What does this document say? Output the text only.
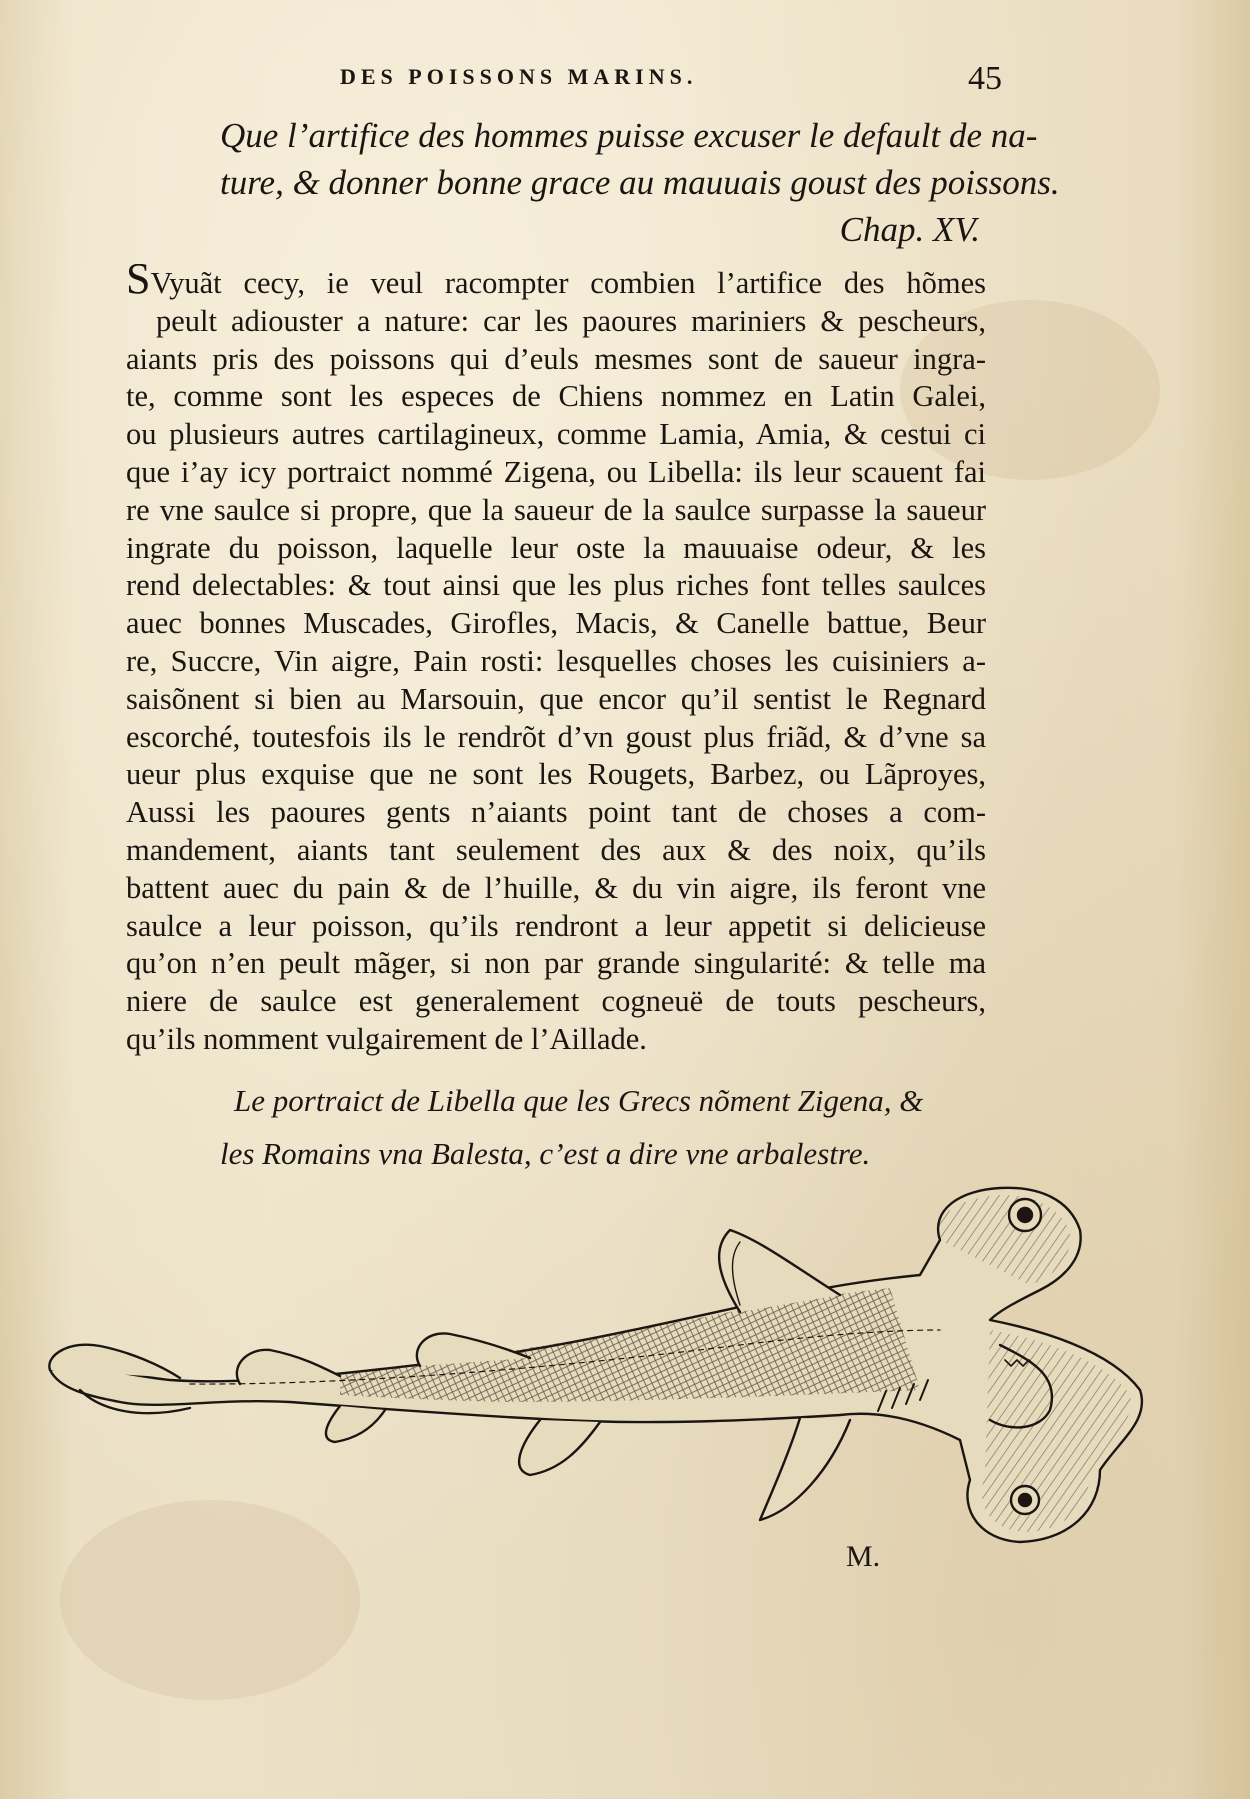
DES POISSONS MARINS.	45
Que l’artifice des hommes puisse excuser le default de na-
ture, & donner bonne grace au mauuais goust des poissons.
Chap. XV.
SVyuãt cecy, ie veul racompter combien l’artifice des hõmes
peult adiouster a nature: car les paoures mariniers & pescheurs,
aiants pris des poissons qui d’euls mesmes sont de saueur ingra-
te, comme sont les especes de Chiens nommez en Latin Galei,
ou plusieurs autres cartilagineux, comme Lamia, Amia, & cestui ci
que i’ay icy portraict nommé Zigena, ou Libella: ils leur scauent fai
re vne saulce si propre, que la saueur de la saulce surpasse la saueur
ingrate du poisson, laquelle leur oste la mauuaise odeur, & les
rend delectables: & tout ainsi que les plus riches font telles saulces
auec bonnes Muscades, Girofles, Macis, & Canelle battue, Beur
re, Succre, Vin aigre, Pain rosti: lesquelles choses les cuisiniers a-
saisõnent si bien au Marsouin, que encor qu’il sentist le Regnard
escorché, toutesfois ils le rendrõt d’vn goust plus friãd, & d’vne sa
ueur plus exquise que ne sont les Rougets, Barbez, ou Lãproyes,
Aussi les paoures gents n’aiants point tant de choses a com-
mandement, aiants tant seulement des aux & des noix, qu’ils
battent auec du pain & de l’huille, & du vin aigre, ils feront vne
saulce a leur poisson, qu’ils rendront a leur appetit si delicieuse
qu’on n’en peult mãger, si non par grande singularité: & telle ma
niere de saulce est generalement cogneuë de touts pescheurs,
qu’ils nomment vulgairement de l’Aillade.
Le portraict de Libella que les Grecs nõment Zigena, &
les Romains vna Balesta, c’est a dire vne arbalestre.
M.
